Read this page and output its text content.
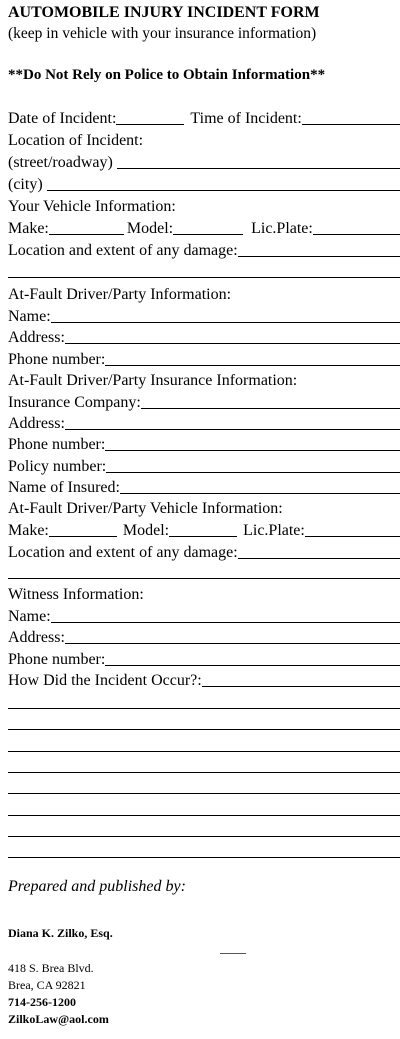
AUTOMOBILE INJURY INCIDENT FORM
(keep in vehicle with your insurance information)
**Do Not Rely on Police to Obtain Information**
Date of Incident:	Time of Incident:
Location of Incident:
(street/roadway)
(city)
Your Vehicle Information:
Make:	Model:	Lic.Plate:
Location and extent of any damage:
At-Fault Driver/Party Information:
Name:
Address:
Phone number:
At-Fault Driver/Party Insurance Information:
Insurance Company:
Address:
Phone number:
Policy number:
Name of Insured:
At-Fault Driver/Party Vehicle Information:
Make:	Model:	Lic.Plate:
Location and extent of any damage:
Witness Information:
Name:
Address:
Phone number:
How Did the Incident Occur?:
Prepared and published by:
Diana K. Zilko, Esq.
418 S. Brea Blvd.
Brea, CA 92821
714-256-1200
ZilkoLaw@aol.com
